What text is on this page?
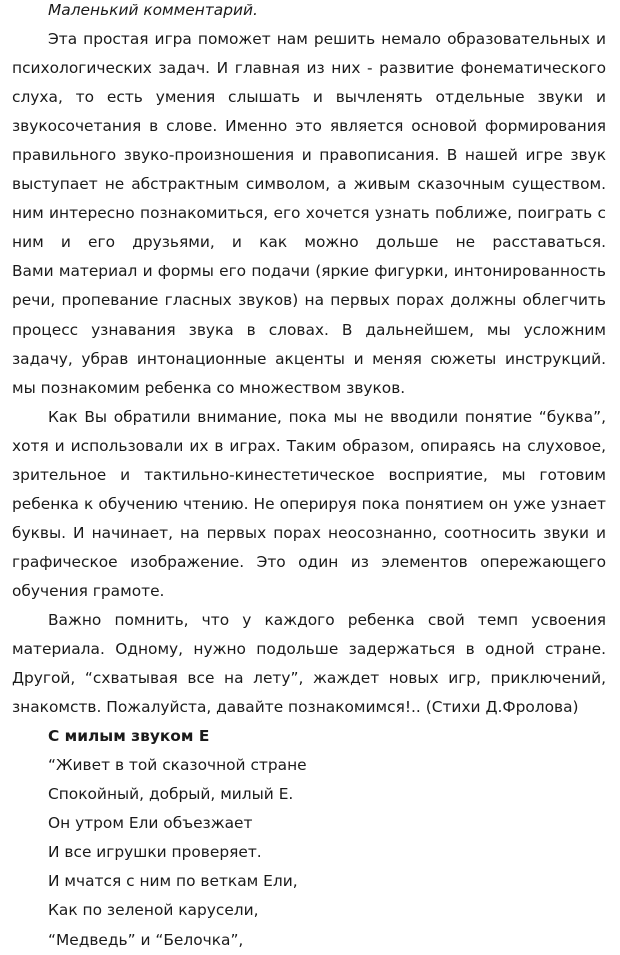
Маленький комментарий.

Эта простая игра поможет нам решить немало образовательных и

психологических задач. И главная из них - развитие фонематического

слуха, то есть умения слышать и вычленять отдельные звуки и

звукосочетания в слове. Именно это является основой формирования

правильного звуко-произношения и правописания. В нашей игре звук

выступает не абстрактным символом, а живым сказочным существом.

ним интересно познакомиться, его хочется узнать поближе, поиграть с

ним и его друзьями, и как можно дольше не расставаться.

Вами материал и формы его подачи (яркие фигурки, интонированность

речи, пропевание гласных звуков) на первых порах должны облегчить

процесс узнавания звука в словах. В дальнейшем, мы усложним

задачу, убрав интонационные акценты и меняя сюжеты инструкций.

мы познакомим ребенка со множеством звуков.

Как Вы обратили внимание, пока мы не вводили понятие “буква”,

хотя и использовали их в играх. Таким образом, опираясь на слуховое,

зрительное и тактильно-кинестетическое восприятие, мы готовим

ребенка к обучению чтению. Не оперируя пока понятием он уже узнает

буквы. И начинает, на первых порах неосознанно, соотносить звуки и

графическое изображение. Это один из элементов опережающего

обучения грамоте.

Важно помнить, что у каждого ребенка свой темп усвоения

материала. Одному, нужно подольше задержаться в одной стране.

Другой, “схватывая все на лету”, жаждет новых игр, приключений,

знакомств. Пожалуйста, давайте познакомимся!.. (Стихи Д.Фролова)

С милым звуком Е

“Живет в той сказочной стране

Спокойный, добрый, милый Е.

Он утром Ели объезжает

И все игрушки проверяет.

И мчатся с ним по веткам Ели,

Как по зеленой карусели,

“Медведь” и “Белочка”,
